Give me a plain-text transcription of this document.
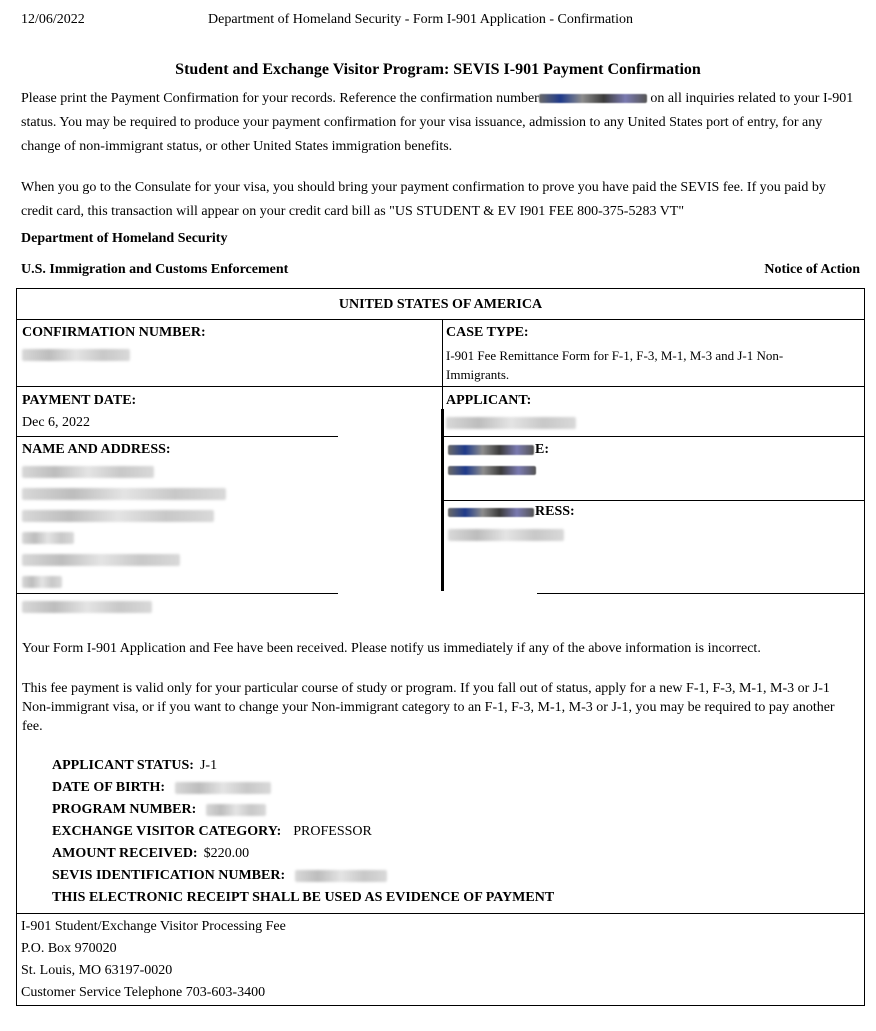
12/06/2022	Department of Homeland Security - Form I-901 Application - Confirmation
Student and Exchange Visitor Program: SEVIS I-901 Payment Confirmation
Please print the Payment Confirmation for your records. Reference the confirmation number	on all inquiries related to your I-901 status. You may be required to produce your payment confirmation for your visa issuance, admission to any United States port of entry, for any change of non-immigrant status, or other United States immigration benefits.
When you go to the Consulate for your visa, you should bring your payment confirmation to prove you have paid the SEVIS fee. If you paid by credit card, this transaction will appear on your credit card bill as "US STUDENT & EV I901 FEE 800-375-5283 VT"
Department of Homeland Security
U.S. Immigration and Customs Enforcement	Notice of Action
UNITED STATES OF AMERICA
CONFIRMATION NUMBER:	CASE TYPE:
I-901 Fee Remittance Form for F-1, F-3, M-1, M-3 and J-1 Non-Immigrants.
PAYMENT DATE:
Dec 6, 2022
APPLICANT:
NAME AND ADDRESS:	E:
RESS:
Your Form I-901 Application and Fee have been received. Please notify us immediately if any of the above information is incorrect.
This fee payment is valid only for your particular course of study or program. If you fall out of status, apply for a new F-1, F-3, M-1, M-3 or J-1 Non-immigrant visa, or if you want to change your Non-immigrant category to an F-1, F-3, M-1, M-3 or J-1, you may be required to pay another fee.
APPLICANT STATUS: J-1
DATE OF BIRTH:
PROGRAM NUMBER:
EXCHANGE VISITOR CATEGORY: PROFESSOR
AMOUNT RECEIVED: $220.00
SEVIS IDENTIFICATION NUMBER:
THIS ELECTRONIC RECEIPT SHALL BE USED AS EVIDENCE OF PAYMENT
I-901 Student/Exchange Visitor Processing Fee
P.O. Box 970020
St. Louis, MO 63197-0020
Customer Service Telephone 703-603-3400
